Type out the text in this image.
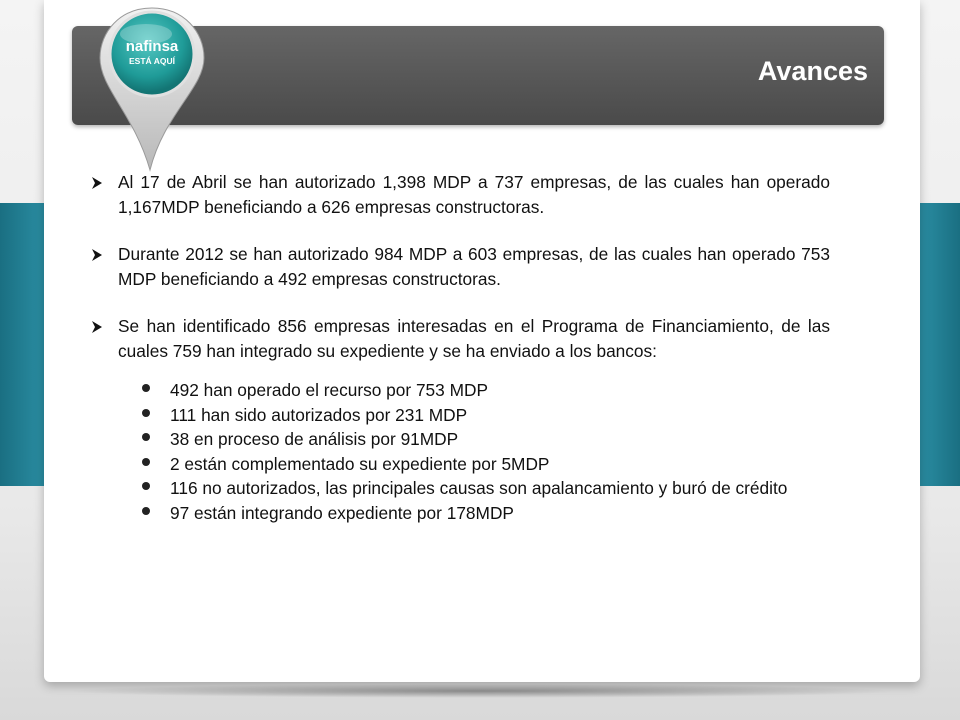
Avances
nafinsa
ESTÁ AQUÍ
Al 17 de Abril se han autorizado 1,398 MDP a 737 empresas, de las cuales han operado 1,167MDP beneficiando a 626 empresas constructoras.
Durante 2012 se han autorizado 984 MDP a 603 empresas, de las cuales han operado 753 MDP beneficiando a 492 empresas constructoras.
Se han identificado 856 empresas interesadas en el Programa de Financiamiento, de las cuales 759 han integrado su expediente y se ha enviado a los bancos:
492 han operado el recurso por 753 MDP
111 han sido autorizados por 231 MDP
38 en proceso de análisis por 91MDP
2 están complementado su expediente por 5MDP
116 no autorizados, las principales causas son apalancamiento y buró de crédito
97 están integrando expediente por 178MDP
